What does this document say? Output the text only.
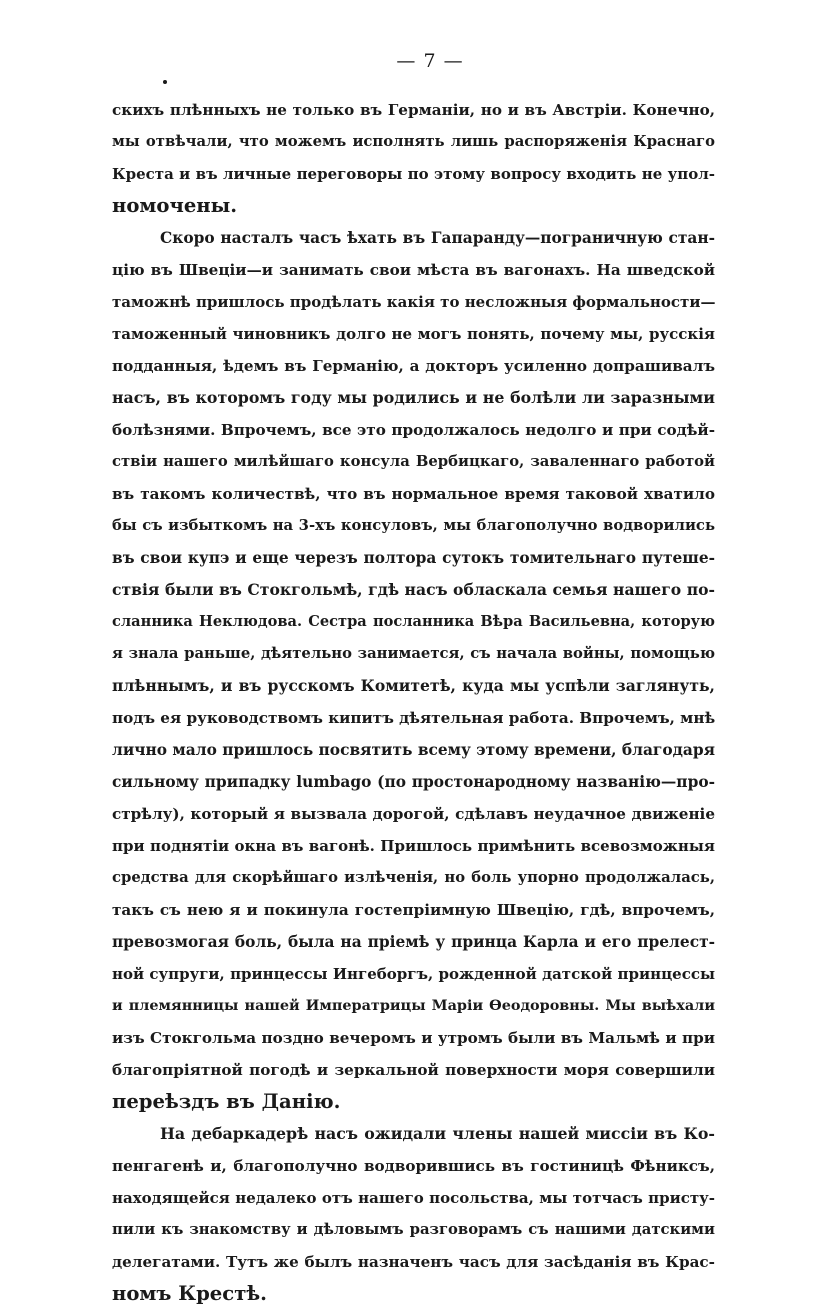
— 7 —
скихъ плѣнныхъ не только въ Германіи, но и въ Австріи. Конечно,
мы отвѣчали, что можемъ исполнять лишь распоряженія Краснаго
Креста и въ личные переговоры по этому вопросу входить не упол-
номочены.
Скоро насталъ часъ ѣхать въ Гапаранду—пограничную стан-
цію въ Швеціи—и занимать свои мѣста въ вагонахъ. На шведской
таможнѣ пришлось продѣлать какія то несложныя формальности—
таможенный чиновникъ долго не могъ понять, почему мы, русскія
подданныя, ѣдемъ въ Германію, а докторъ усиленно допрашивалъ
насъ, въ которомъ году мы родились и не болѣли ли заразными
болѣзнями. Впрочемъ, все это продолжалось недолго и при содѣй-
ствіи нашего милѣйшаго консула Вербицкаго, заваленнаго работой
въ такомъ количествѣ, что въ нормальное время таковой хватило
бы съ избыткомъ на 3-хъ консуловъ, мы благополучно водворились
въ свои купэ и еще черезъ полтора сутокъ томительнаго путеше-
ствія были въ Стокгольмѣ, гдѣ насъ обласкала семья нашего по-
сланника Неклюдова. Сестра посланника Вѣра Васильевна, которую
я знала раньше, дѣятельно занимается, съ начала войны, помощью
плѣннымъ, и въ русскомъ Комитетѣ, куда мы успѣли заглянуть,
подъ ея руководствомъ кипитъ дѣятельная работа. Впрочемъ, мнѣ
лично мало пришлось посвятить всему этому времени, благодаря
сильному припадку lumbago (по простонародному названію—про-
стрѣлу), который я вызвала дорогой, сдѣлавъ неудачное движеніе
при поднятіи окна въ вагонѣ. Пришлось примѣнить всевозможныя
средства для скорѣйшаго излѣченія, но боль упорно продолжалась,
такъ съ нею я и покинула гостепріимную Швецію, гдѣ, впрочемъ,
превозмогая боль, была на пріемѣ у принца Карла и его прелест-
ной супруги, принцессы Ингеборгъ, рожденной датской принцессы
и племянницы нашей Императрицы Маріи Ѳеодоровны. Мы выѣхали
изъ Стокгольма поздно вечеромъ и утромъ были въ Мальмѣ и при
благопріятной погодѣ и зеркальной поверхности моря совершили
переѣздъ въ Данію.
На дебаркадерѣ насъ ожидали члены нашей миссіи въ Ко-
пенгагенѣ и, благополучно водворившись въ гостиницѣ Фѣниксъ,
находящейся недалеко отъ нашего посольства, мы тотчасъ присту-
пили къ знакомству и дѣловымъ разговорамъ съ нашими датскими
делегатами. Тутъ же былъ назначенъ часъ для засѣданія въ Крас-
номъ Крестѣ.
